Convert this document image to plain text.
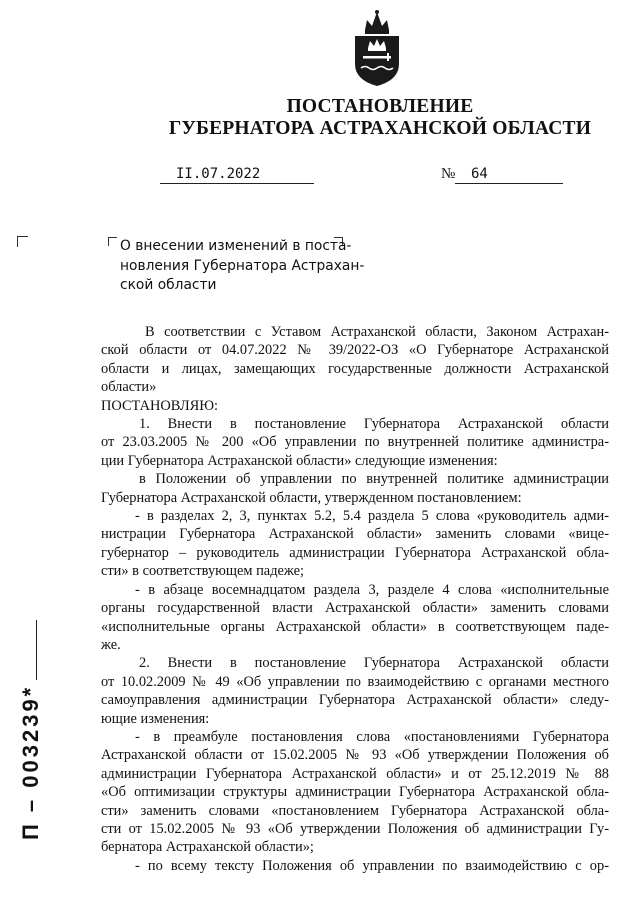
ПОСТАНОВЛЕНИЕ
ГУБЕРНАТОРА АСТРАХАНСКОЙ ОБЛАСТИ
II.07.2022	№ 64
О внесении изменений в поста-
новления Губернатора Астрахан-
ской области
В соответствии с Уставом Астраханской области, Законом Астрахан-
ской области от 04.07.2022 № 39/2022-ОЗ «О Губернаторе Астраханской
области и лицах, замещающих государственные должности Астраханской
области»
ПОСТАНОВЛЯЮ:
1. Внести в постановление Губернатора Астраханской области
от 23.03.2005 № 200 «Об управлении по внутренней политике администра-
ции Губернатора Астраханской области» следующие изменения:
в Положении об управлении по внутренней политике администрации
Губернатора Астраханской области, утвержденном постановлением:
- в разделах 2, 3, пунктах 5.2, 5.4 раздела 5 слова «руководитель адми-
нистрации Губернатора Астраханской области» заменить словами «вице-
губернатор – руководитель администрации Губернатора Астраханской обла-
сти» в соответствующем падеже;
- в абзаце восемнадцатом раздела 3, разделе 4 слова «исполнительные
органы государственной власти Астраханской области» заменить словами
«исполнительные органы Астраханской области» в соответствующем паде-
же.
2. Внести в постановление Губернатора Астраханской области
от 10.02.2009 № 49 «Об управлении по взаимодействию с органами местного
самоуправления администрации Губернатора Астраханской области» следу-
ющие изменения:
- в преамбуле постановления слова «постановлениями Губернатора
Астраханской области от 15.02.2005 № 93 «Об утверждении Положения об
администрации Губернатора Астраханской области» и от 25.12.2019 № 88
«Об оптимизации структуры администрации Губернатора Астраханской обла-
сти» заменить словами «постановлением Губернатора Астраханской обла-
сти от 15.02.2005 № 93 «Об утверждении Положения об администрации Гу-
бернатора Астраханской области»;
- по всему тексту Положения об управлении по взаимодействию с ор-
П – 003239*
